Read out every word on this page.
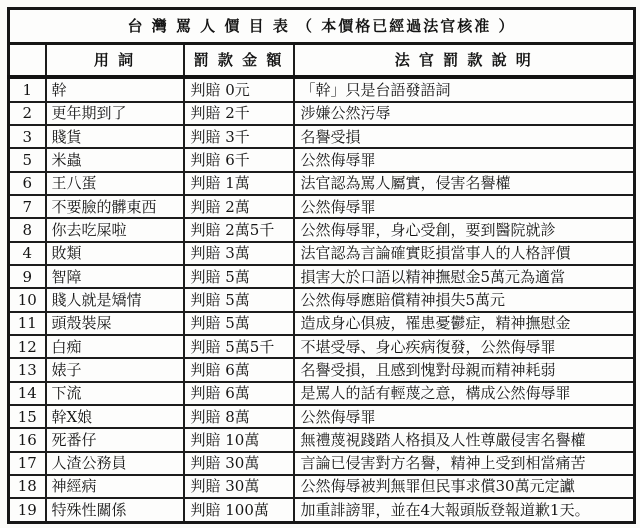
台 灣 罵 人 價 目 表 （ 本價格已經過法官核准 ）			
	用 詞	罰 款 金 額	法 官 罰 款 說 明
1	幹	判賠 0元	「幹」只是台語發語詞
2	更年期到了	判賠 2千	涉嫌公然污辱
3	賤貨	判賠 3千	名譽受損
5	米蟲	判賠 6千	公然侮辱罪
6	王八蛋	判賠 1萬	法官認為罵人屬實，侵害名譽權
7	不要臉的髒東西	判賠 2萬	公然侮辱罪
8	你去吃屎啦	判賠 2萬5千	公然侮辱罪，身心受創，要到醫院就診
4	敗類	判賠 3萬	法官認為言論確實貶損當事人的人格評價
9	智障	判賠 5萬	損害大於口語以精神撫慰金5萬元為適當
10	賤人就是矯情	判賠 5萬	公然侮辱應賠償精神損失5萬元
11	頭殼裝屎	判賠 5萬	造成身心俱疲，罹患憂鬱症，精神撫慰金
12	白痴	判賠 5萬5千	不堪受辱、身心疾病復發，公然侮辱罪
13	婊子	判賠 6萬	名譽受損，且感到愧對母親而精神耗弱
14	下流	判賠 6萬	是罵人的話有輕蔑之意，構成公然侮辱罪
15	幹X娘	判賠 8萬	公然侮辱罪
16	死番仔	判賠 10萬	無禮蔑視踐踏人格損及人性尊嚴侵害名譽權
17	人渣公務員	判賠 30萬	言論已侵害對方名譽，精神上受到相當痛苦
18	神經病	判賠 30萬	公然侮辱被判無罪但民事求償30萬元定讞
19	特殊性關係	判賠 100萬	加重誹謗罪，並在4大報頭版登報道歉1天。
